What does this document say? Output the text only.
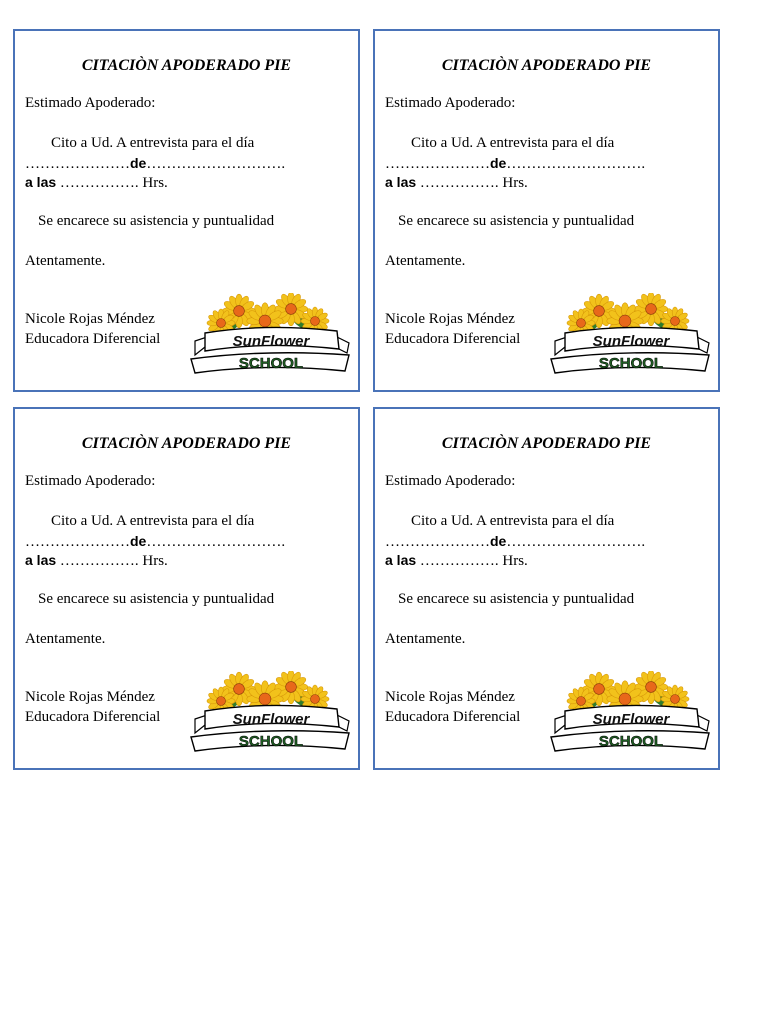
CITACIÒN APODERADO PIE
Estimado Apoderado:
Cito a Ud. A entrevista para el día
…………………de……………………….
a las ……………. Hrs.
Se encarece su asistencia y puntualidad
Atentamente.
Nicole Rojas Méndez
Educadora Diferencial	SunFlower
SCHOOL
CITACIÒN APODERADO PIE
Estimado Apoderado:
Cito a Ud. A entrevista para el día
…………………de……………………….
a las ……………. Hrs.
Se encarece su asistencia y puntualidad
Atentamente.
Nicole Rojas Méndez
Educadora Diferencial	SunFlower
SCHOOL
CITACIÒN APODERADO PIE
Estimado Apoderado:
Cito a Ud. A entrevista para el día
…………………de……………………….
a las ……………. Hrs.
Se encarece su asistencia y puntualidad
Atentamente.
Nicole Rojas Méndez
Educadora Diferencial	SunFlower
SCHOOL
CITACIÒN APODERADO PIE
Estimado Apoderado:
Cito a Ud. A entrevista para el día
…………………de……………………….
a las ……………. Hrs.
Se encarece su asistencia y puntualidad
Atentamente.
Nicole Rojas Méndez
Educadora Diferencial	SunFlower
SCHOOL
